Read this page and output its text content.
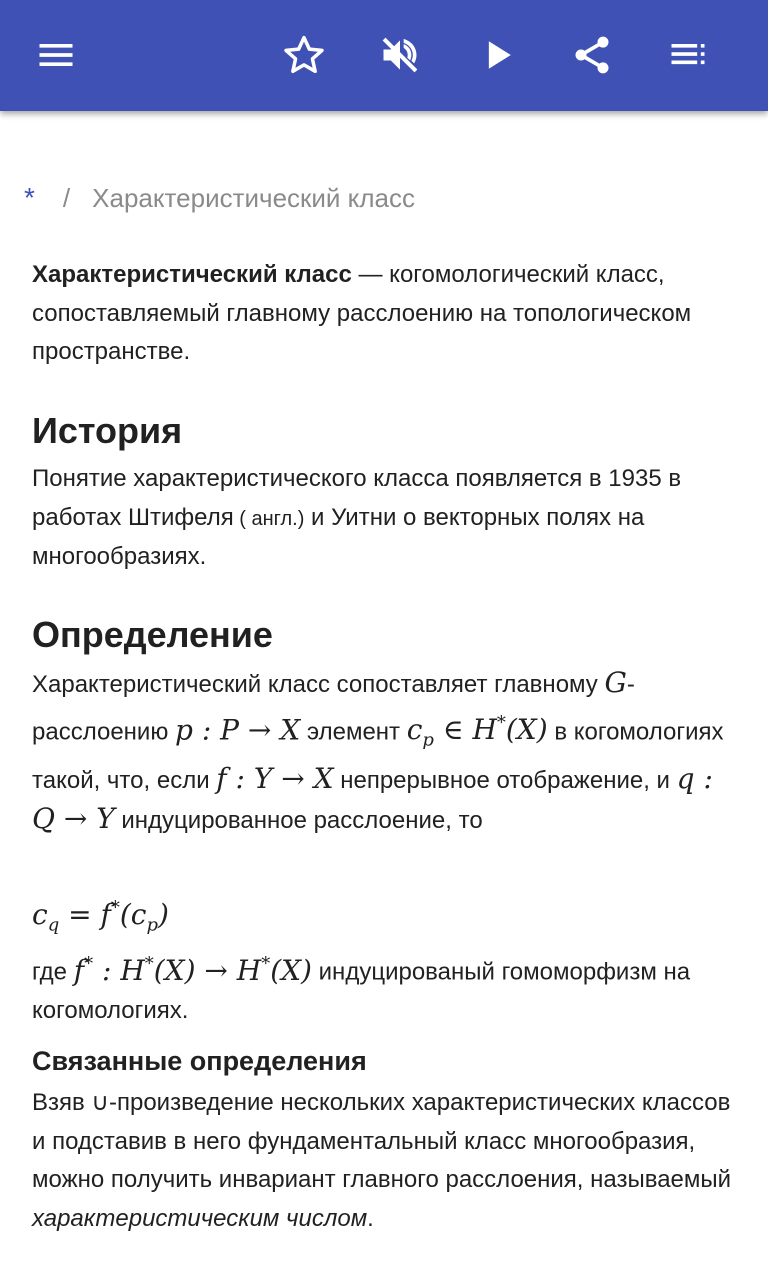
* / Характеристический класс
Характеристический класс — когомологический класс, сопоставляемый главному расслоению на топологическом пространстве.
История
Понятие характеристического класса появляется в 1935 в работах Штифеля ( англ.) и Уитни о векторных полях на многообразиях.
Определение
Характеристический класс сопоставляет главному G-расслоению p : P → X элемент $c_p$ ∈ H*(X) в когомологиях такой, что, если f : Y → X непрерывное отображение, и q : Q → Y индуцированное расслоение, то
$c_q = f^*(c_p)$
где f* : H*(X) → H*(X) индуцированый гомоморфизм на когомологиях.
Связанные определения
Взяв ∪-произведение нескольких характеристических классов и подставив в него фундаментальный класс многообразия, можно получить инвариант главного расслоения, называемый характеристическим числом.
